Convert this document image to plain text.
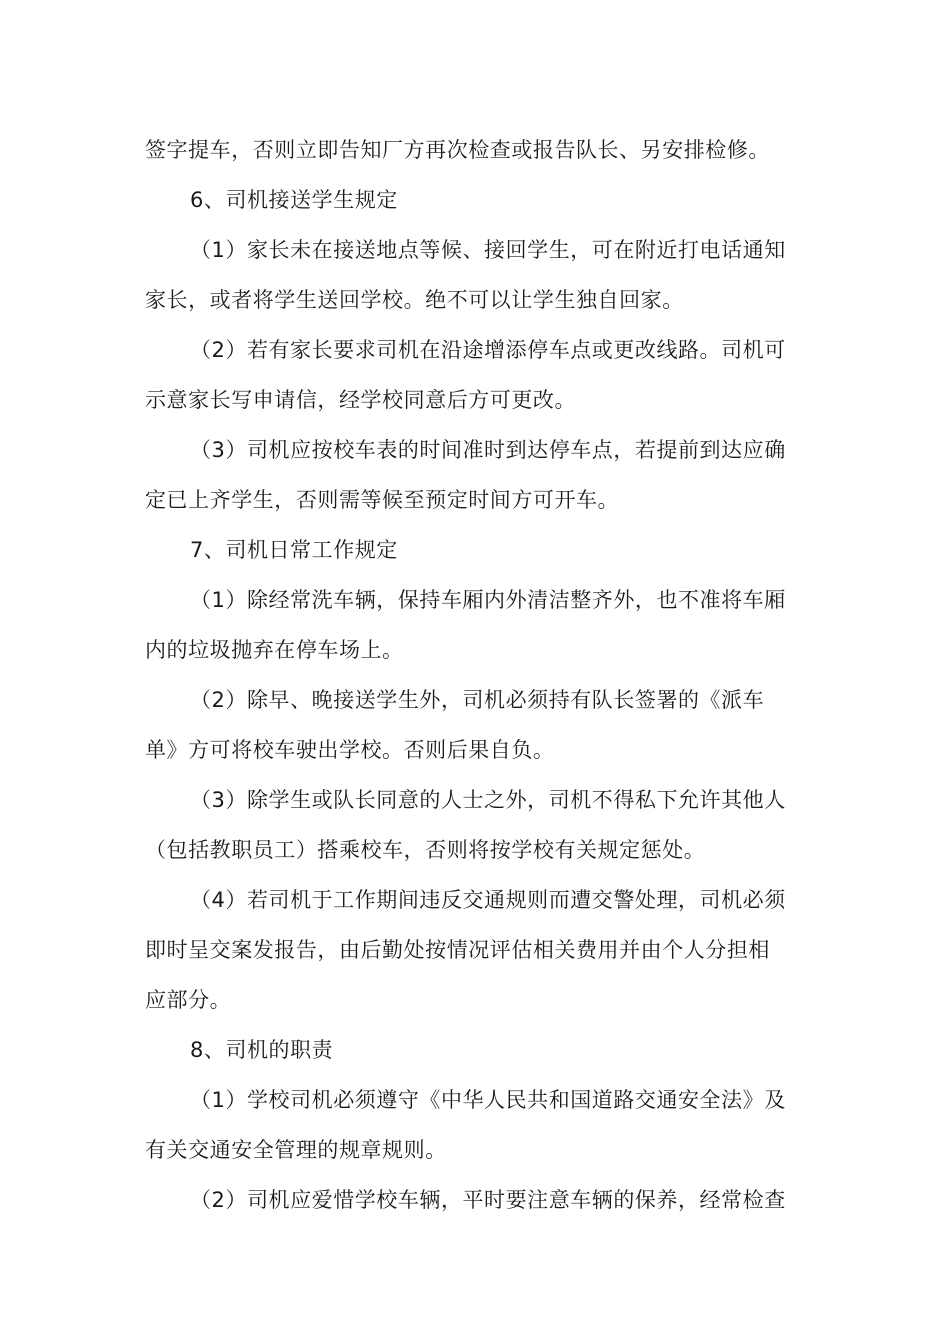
签字提车，否则立即告知厂方再次检查或报告队长、另安排检修。
6、司机接送学生规定
（1）家长未在接送地点等候、接回学生，可在附近打电话通知
家长，或者将学生送回学校。绝不可以让学生独自回家。
（2）若有家长要求司机在沿途增添停车点或更改线路。司机可
示意家长写申请信，经学校同意后方可更改。
（3）司机应按校车表的时间准时到达停车点，若提前到达应确
定已上齐学生，否则需等候至预定时间方可开车。
7、司机日常工作规定
（1）除经常洗车辆，保持车厢内外清洁整齐外，也不准将车厢
内的垃圾抛弃在停车场上。
（2）除早、晚接送学生外，司机必须持有队长签署的《派车
单》方可将校车驶出学校。否则后果自负。
（3）除学生或队长同意的人士之外，司机不得私下允许其他人
（包括教职员工）搭乘校车，否则将按学校有关规定惩处。
（4）若司机于工作期间违反交通规则而遭交警处理，司机必须
即时呈交案发报告，由后勤处按情况评估相关费用并由个人分担相
应部分。
8、司机的职责
（1）学校司机必须遵守《中华人民共和国道路交通安全法》及
有关交通安全管理的规章规则。
（2）司机应爱惜学校车辆，平时要注意车辆的保养，经常检查
